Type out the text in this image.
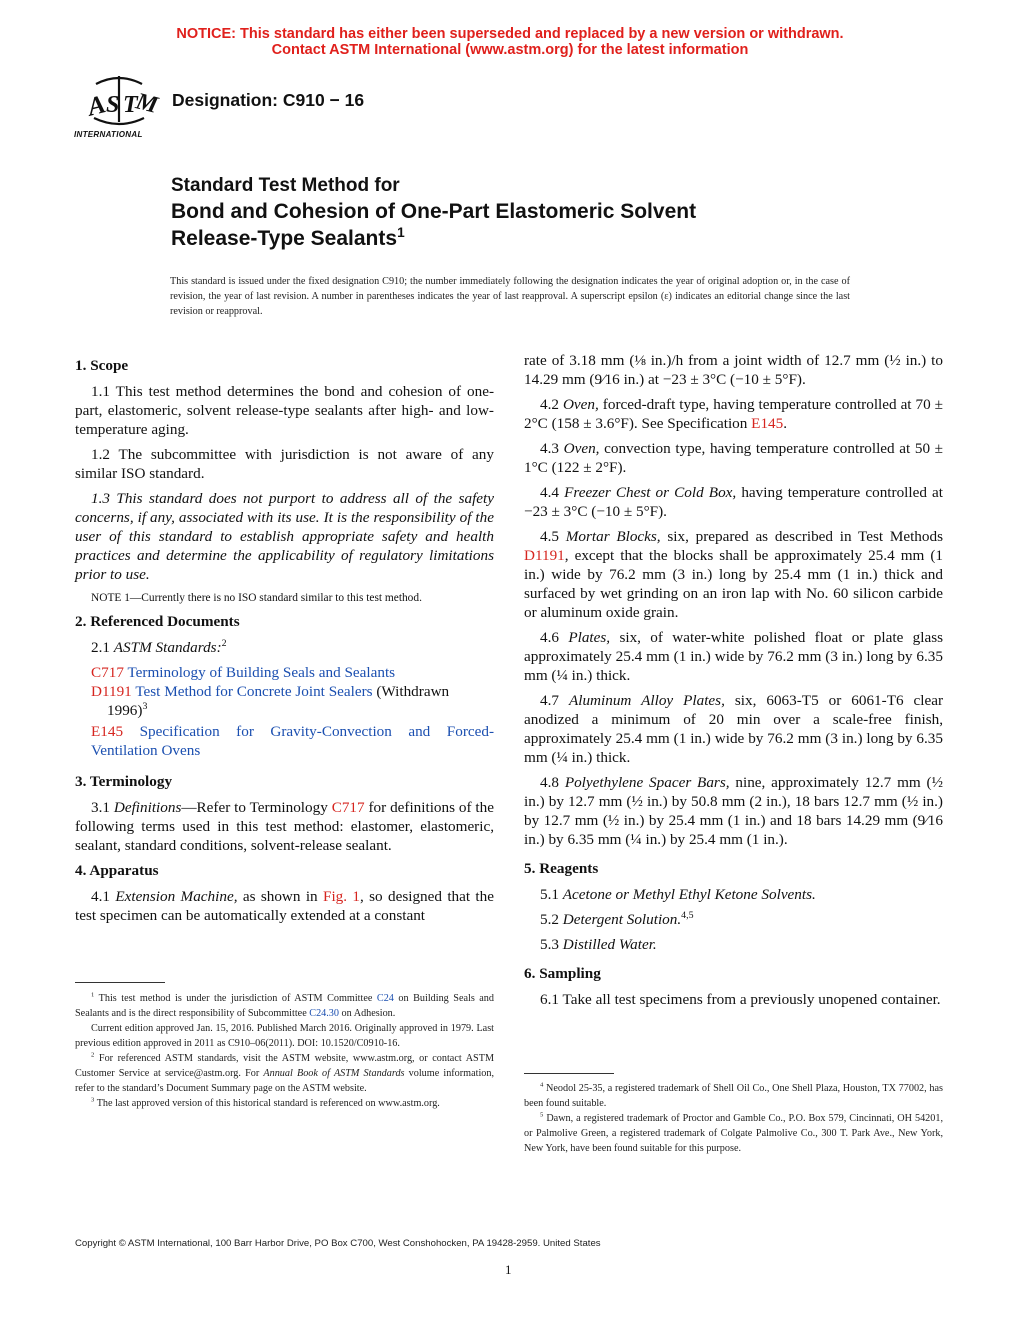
NOTICE: This standard has either been superseded and replaced by a new version or withdrawn.
Contact ASTM International (www.astm.org) for the latest information
A
S T
M
INTERNATIONAL
Designation: C910 − 16
Standard Test Method for
Bond and Cohesion of One-Part Elastomeric Solvent
Release-Type Sealants$^1$
This standard is issued under the fixed designation C910; the number immediately following the designation indicates the year of original adoption or, in the case of revision, the year of last revision. A number in parentheses indicates the year of last reapproval. A superscript epsilon (ε) indicates an editorial change since the last revision or reapproval.
1. Scope

1.1 This test method determines the bond and cohesion of one-part, elastomeric, solvent release-type sealants after high- and low-temperature aging.

1.2 The subcommittee with jurisdiction is not aware of any similar ISO standard.

1.3 This standard does not purport to address all of the safety concerns, if any, associated with its use. It is the responsibility of the user of this standard to establish appropriate safety and health practices and determine the applicability of regulatory limitations prior to use.

NOTE 1—Currently there is no ISO standard similar to this test method.

2. Referenced Documents

2.1 ASTM Standards:$^2$

C717 Terminology of Building Seals and Sealants

D1191 Test Method for Concrete Joint Sealers (Withdrawn

1996)$^3$

E145 Specification for Gravity-Convection and Forced-Ventilation Ovens

3. Terminology

3.1 Definitions—Refer to Terminology C717 for definitions of the following terms used in this test method: elastomer, elastomeric, sealant, standard conditions, solvent-release sealant.

4. Apparatus

4.1 Extension Machine, as shown in Fig. 1, so designed that the test specimen can be automatically extended at a constant

$^1$ This test method is under the jurisdiction of ASTM Committee C24 on Building Seals and Sealants and is the direct responsibility of Subcommittee C24.30 on Adhesion.

Current edition approved Jan. 15, 2016. Published March 2016. Originally approved in 1979. Last previous edition approved in 2011 as C910–06(2011). DOI: 10.1520/C0910-16.

$^2$ For referenced ASTM standards, visit the ASTM website, www.astm.org, or contact ASTM Customer Service at service@astm.org. For Annual Book of ASTM Standards volume information, refer to the standard’s Document Summary page on the ASTM website.

$^3$ The last approved version of this historical standard is referenced on www.astm.org.

rate of 3.18 mm (⅛ in.)/h from a joint width of 12.7 mm (½ in.) to 14.29 mm (9⁄16 in.) at −23 ± 3°C (−10 ± 5°F).

4.2 Oven, forced-draft type, having temperature controlled at 70 ± 2°C (158 ± 3.6°F). See Specification E145.

4.3 Oven, convection type, having temperature controlled at 50 ± 1°C (122 ± 2°F).

4.4 Freezer Chest or Cold Box, having temperature controlled at −23 ± 3°C (−10 ± 5°F).

4.5 Mortar Blocks, six, prepared as described in Test Methods D1191, except that the blocks shall be approximately 25.4 mm (1 in.) wide by 76.2 mm (3 in.) long by 25.4 mm (1 in.) thick and surfaced by wet grinding on an iron lap with No. 60 silicon carbide or aluminum oxide grain.

4.6 Plates, six, of water-white polished float or plate glass approximately 25.4 mm (1 in.) wide by 76.2 mm (3 in.) long by 6.35 mm (¼ in.) thick.

4.7 Aluminum Alloy Plates, six, 6063-T5 or 6061-T6 clear anodized a minimum of 20 min over a scale-free finish, approximately 25.4 mm (1 in.) wide by 76.2 mm (3 in.) long by 6.35 mm (¼ in.) thick.

4.8 Polyethylene Spacer Bars, nine, approximately 12.7 mm (½ in.) by 12.7 mm (½ in.) by 50.8 mm (2 in.), 18 bars 12.7 mm (½ in.) by 12.7 mm (½ in.) by 25.4 mm (1 in.) and 18 bars 14.29 mm (9⁄16 in.) by 6.35 mm (¼ in.) by 25.4 mm (1 in.).

5. Reagents

5.1 Acetone or Methyl Ethyl Ketone Solvents.

5.2 Detergent Solution.$^{4,5}$

5.3 Distilled Water.

6. Sampling

6.1 Take all test specimens from a previously unopened container.

$^4$ Neodol 25-35, a registered trademark of Shell Oil Co., One Shell Plaza, Houston, TX 77002, has been found suitable.

$^5$ Dawn, a registered trademark of Proctor and Gamble Co., P.O. Box 579, Cincinnati, OH 54201, or Palmolive Green, a registered trademark of Colgate Palmolive Co., 300 T. Park Ave., New York, New York, have been found suitable for this purpose.

Copyright © ASTM International, 100 Barr Harbor Drive, PO Box C700, West Conshohocken, PA 19428-2959. United States
1
